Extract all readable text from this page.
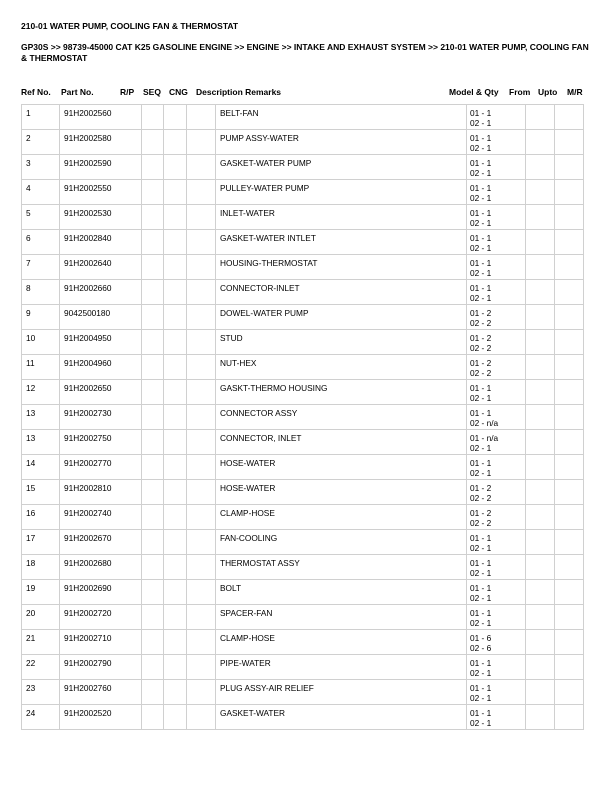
210-01 WATER PUMP, COOLING FAN & THERMOSTAT
GP30S >> 98739-45000 CAT K25 GASOLINE ENGINE >> ENGINE >> INTAKE AND EXHAUST SYSTEM >> 210-01 WATER PUMP, COOLING FAN & THERMOSTAT
Ref No. Part No.	R/P SEQ CNG Description Remarks	Model & Qty From Upto M/R
1	91H2002560				BELT-FAN	01 - 1
02 - 1

2	91H2002580				PUMP ASSY-WATER	01 - 1
02 - 1

3	91H2002590				GASKET-WATER PUMP	01 - 1
02 - 1

4	91H2002550				PULLEY-WATER PUMP	01 - 1
02 - 1

5	91H2002530				INLET-WATER	01 - 1
02 - 1

6	91H2002840				GASKET-WATER INTLET	01 - 1
02 - 1

7	91H2002640				HOUSING-THERMOSTAT	01 - 1
02 - 1

8	91H2002660				CONNECTOR-INLET	01 - 1
02 - 1

9	9042500180				DOWEL-WATER PUMP	01 - 2
02 - 2

10	91H2004950				STUD	01 - 2
02 - 2

11	91H2004960				NUT-HEX	01 - 2
02 - 2

12	91H2002650				GASKT-THERMO HOUSING	01 - 1
02 - 1

13	91H2002730				CONNECTOR ASSY	01 - 1
02 - n/a

13	91H2002750				CONNECTOR, INLET	01 - n/a
02 - 1

14	91H2002770				HOSE-WATER	01 - 1
02 - 1

15	91H2002810				HOSE-WATER	01 - 2
02 - 2

16	91H2002740				CLAMP-HOSE	01 - 2
02 - 2

17	91H2002670				FAN-COOLING	01 - 1
02 - 1

18	91H2002680				THERMOSTAT ASSY	01 - 1
02 - 1

19	91H2002690				BOLT	01 - 1
02 - 1

20	91H2002720				SPACER-FAN	01 - 1
02 - 1

21	91H2002710				CLAMP-HOSE	01 - 6
02 - 6

22	91H2002790				PIPE-WATER	01 - 1
02 - 1

23	91H2002760				PLUG ASSY-AIR RELIEF	01 - 1
02 - 1

24	91H2002520				GASKET-WATER	01 - 1
02 - 1
